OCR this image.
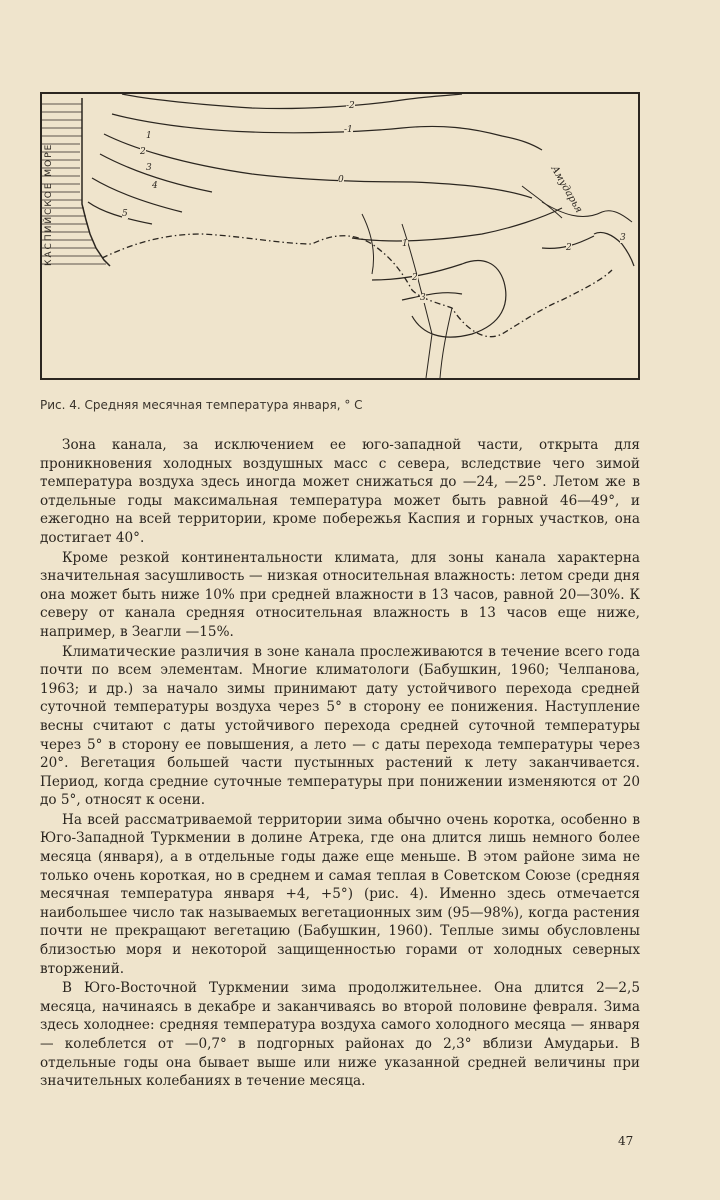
КАСПИЙСКОЕ МОРЕ	Амударья
-2
-1
0
1
2
3
4
5
1
2
3
2
3
Рис. 4. Средняя месячная температура января, ° С

Зона канала, за исключением ее юго-западной части, открыта для проникновения холодных воздушных масс с севера, вследствие чего зимой температура воздуха здесь иногда может снижаться до —24, —25°. Летом же в отдельные годы максимальная температура может быть равной 46—49°, и ежегодно на всей территории, кроме побережья Каспия и горных участков, она достигает 40°.

Кроме резкой континентальности климата, для зоны канала характерна значительная засушливость — низкая относительная влажность: летом среди дня она может быть ниже 10% при средней влажности в 13 часов, равной 20—30%. К северу от канала средняя относительная влажность в 13 часов еще ниже, например, в Зеагли —15%.

Климатические различия в зоне канала прослеживаются в течение всего года почти по всем элементам. Многие климатологи (Бабушкин, 1960; Челпанова, 1963; и др.) за начало зимы принимают дату устойчивого перехода средней суточной температуры воздуха через 5° в сторону ее понижения. Наступление весны считают с даты устойчивого перехода средней суточной температуры через 5° в сторону ее повышения, а лето — с даты перехода температуры через 20°. Вегетация большей части пустынных растений к лету заканчивается. Период, когда средние суточные температуры при понижении изменяются от 20 до 5°, относят к осени.

На всей рассматриваемой территории зима обычно очень коротка, особенно в Юго-Западной Туркмении в долине Атрека, где она длится лишь немного более месяца (января), а в отдельные годы даже еще меньше. В этом районе зима не только очень короткая, но в среднем и самая теплая в Советском Союзе (средняя месячная температура января +4, +5°) (рис. 4). Именно здесь отмечается наибольшее число так называемых вегетационных зим (95—98%), когда растения почти не прекращают вегетацию (Бабушкин, 1960). Теплые зимы обусловлены близостью моря и некоторой защищенностью горами от холодных северных вторжений.

В Юго-Восточной Туркмении зима продолжительнее. Она длится 2—2,5 месяца, начинаясь в декабре и заканчиваясь во второй половине февраля. Зима здесь холоднее: средняя температура воздуха самого холодного месяца — января — колеблется от —0,7° в подгорных районах до 2,3° вблизи Амударьи. В отдельные годы она бывает выше или ниже указанной средней величины при значительных колебаниях в течение месяца.

47
